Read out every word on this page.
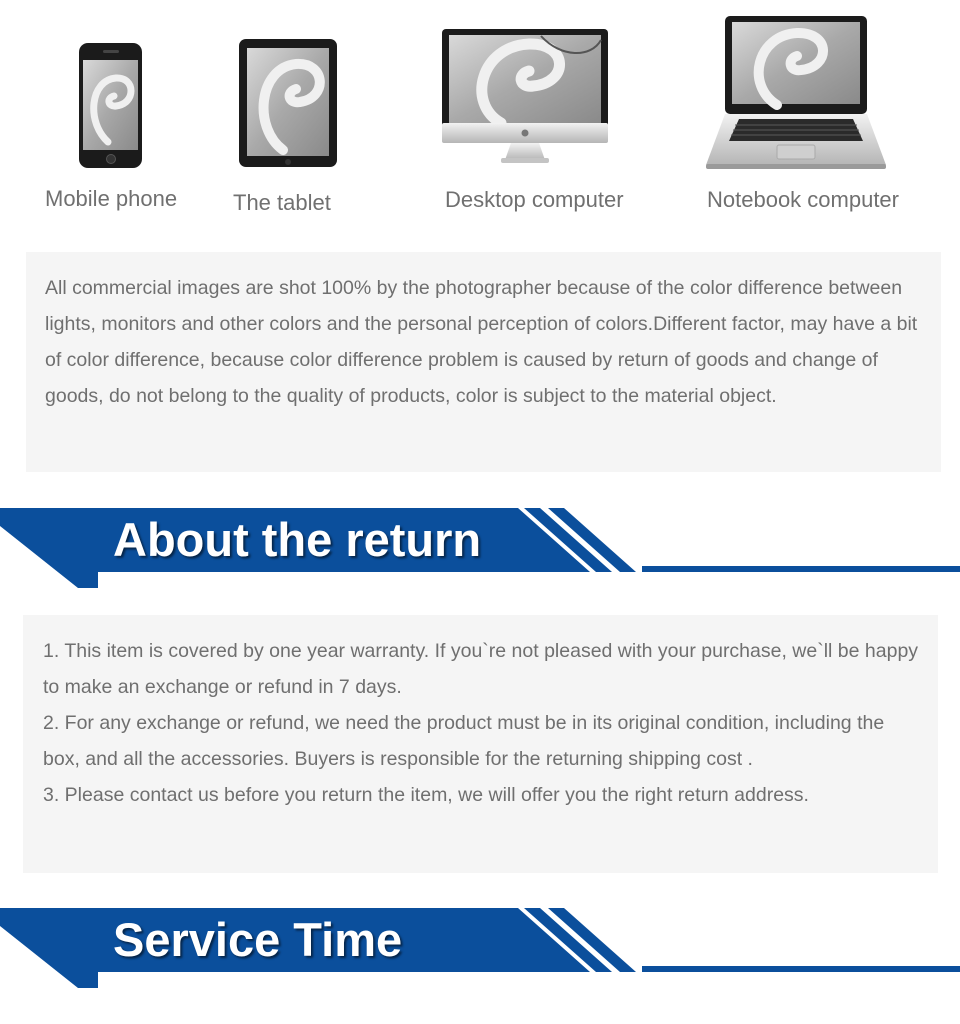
Mobile phone	The tablet	Desktop computer	Notebook computer

All commercial images are shot 100% by the photographer because of the color difference between lights, monitors and other colors and the personal perception of colors.Different factor, may have a bit of color difference, because color difference problem is caused by return of goods and change of goods, do not belong to the quality of products, color is subject to the material object.

About the return

1. This item is covered by one year warranty. If you`re not pleased with your purchase, we`ll be happy to make an exchange or refund in 7 days.

2. For any exchange or refund, we need the product must be in its original condition, including the box, and all the accessories. Buyers is responsible for the returning shipping cost .

3. Please contact us before you return the item, we will offer you the right return address.

Service Time
